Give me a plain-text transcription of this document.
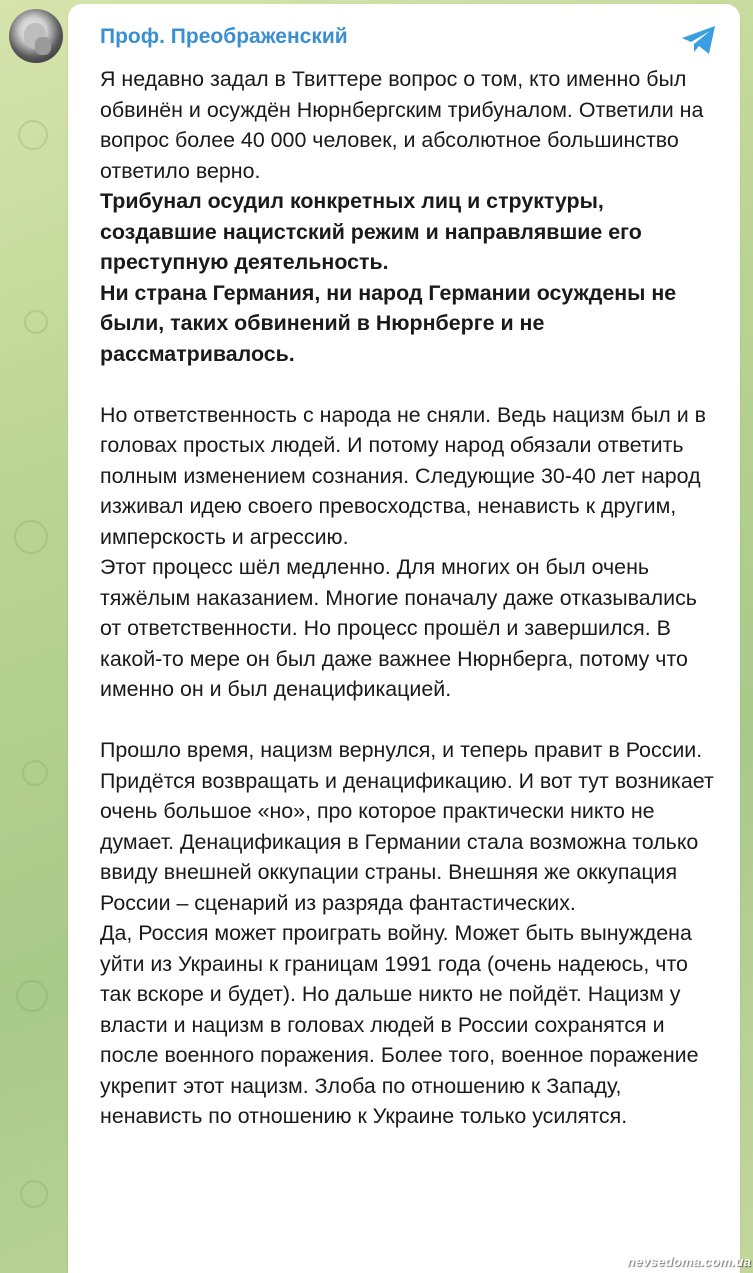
Проф. Преображенский

Я недавно задал в Твиттере вопрос о том, кто именно был обвинён и осуждён Нюрнбергским трибуналом. Ответили на вопрос более 40 000 человек, и абсолютное большинство ответило верно.

Трибунал осудил конкретных лиц и структуры, создавшие нацистский режим и направлявшие его преступную деятельность.

Ни страна Германия, ни народ Германии осуждены не были, таких обвинений в Нюрнберге и не рассматривалось.

Но ответственность с народа не сняли. Ведь нацизм был и в головах простых людей. И потому народ обязали ответить полным изменением сознания. Следующие 30-40 лет народ изживал идею своего превосходства, ненависть к другим, имперскость и агрессию.

Этот процесс шёл медленно. Для многих он был очень тяжёлым наказанием. Многие поначалу даже отказывались от ответственности. Но процесс прошёл и завершился. В какой-то мере он был даже важнее Нюрнберга, потому что именно он и был денацификацией.

Прошло время, нацизм вернулся, и теперь правит в России. Придётся возвращать и денацификацию. И вот тут возникает очень большое «но», про которое практически никто не думает. Денацификация в Германии стала возможна только ввиду внешней оккупации страны. Внешняя же оккупация России – сценарий из разряда фантастических.

Да, Россия может проиграть войну. Может быть вынуждена уйти из Украины к границам 1991 года (очень надеюсь, что так вскоре и будет). Но дальше никто не пойдёт. Нацизм у власти и нацизм в головах людей в России сохранятся и после военного поражения. Более того, военное поражение укрепит этот нацизм. Злоба по отношению к Западу, ненависть по отношению к Украине только усилятся.

nevsedoma.com.ua
